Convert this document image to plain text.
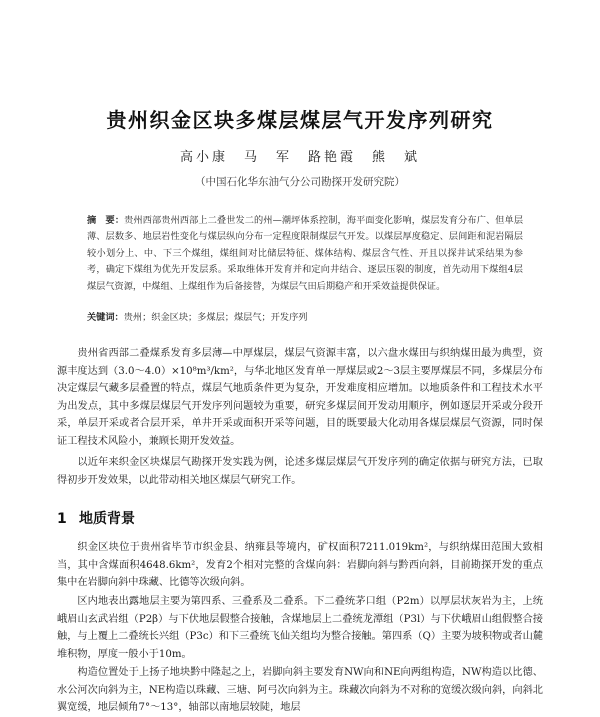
贵州织金区块多煤层煤层气开发序列研究
高小康　马　军　路艳霞　熊　斌
（中国石化华东油气分公司勘探开发研究院）
摘　要：贵州西部贵州西部上二叠世发二的州—潮坪体系控制，海平面变化影响，煤层发育分布广、但单层薄、层数多、地层岩性变化与煤层纵向分布一定程度限制煤层气开发。以煤层厚度稳定、层间距和泥岩隔层较小划分上、中、下三个煤组，煤组间对比储层特征、煤体结构、煤层含气性、开且以探井试采结果为参考，确定下煤组为优先开发层系。采取维体开发育并和定向井结合、逐层压裂的制度，首先动用下煤组4层煤层气资源，中煤组、上煤组作为后备接替，为煤层气田后期稳产和开采效益提供保证。
关键词：贵州；织金区块；多煤层；煤层气；开发序列
贵州省西部二叠煤系发育多层薄—中厚煤层，煤层气资源丰富，以六盘水煤田与织纳煤田最为典型，资源丰度达到（3.0～4.0）×10⁸m³/km²，与华北地区发育单一厚煤层或2～3层主要厚煤层不同，多煤层分布决定煤层气藏多层叠置的特点，煤层气地质条件更为复杂，开发难度相应增加。以地质条件和工程技术水平为出发点，其中多煤层煤层气开发序列问题较为重要，研究多煤层间开发动用顺序，例如逐层开采或分段开采，单层开采或者合层开采，单井开采或面积开采等问题，目的既要最大化动用各煤层煤层气资源，同时保证工程技术风险小，兼顾长期开发效益。
以近年来织金区块煤层气勘探开发实践为例，论述多煤层煤层气开发序列的确定依据与研究方法，已取得初步开发效果，以此带动相关地区煤层气研究工作。
1 地质背景
织金区块位于贵州省毕节市织金县、纳雍县等境内，矿权面积7211.019km²，与织纳煤田范围大致相当，其中含煤面积4648.6km²，发育2个相对完整的含煤向斜：岩脚向斜与黔西向斜，目前勘探开发的重点集中在岩脚向斜中珠藏、比德等次级向斜。
区内地表出露地层主要为第四系、三叠系及二叠系。下二叠统茅口组（P2m）以厚层状灰岩为主，上统峨眉山玄武岩组（P2β）与下伏地层假整合接触，含煤地层上二叠统龙潭组（P3l）与下伏峨眉山组假整合接触，与上覆上二叠统长兴组（P3c）和下三叠统飞仙关组均为整合接触。第四系（Q）主要为坡积物或者山麓堆积物，厚度一般小于10m。
构造位置处于上扬子地块黔中隆起之上，岩脚向斜主要发育NW向和NE向两组构造，NW构造以比德、水公河次向斜为主，NE构造以珠藏、三塘、阿弓次向斜为主。珠藏次向斜为不对称的宽缓次级向斜，向斜北翼宽缓，地层倾角7°～13°，轴部以南地层较陡，地层
